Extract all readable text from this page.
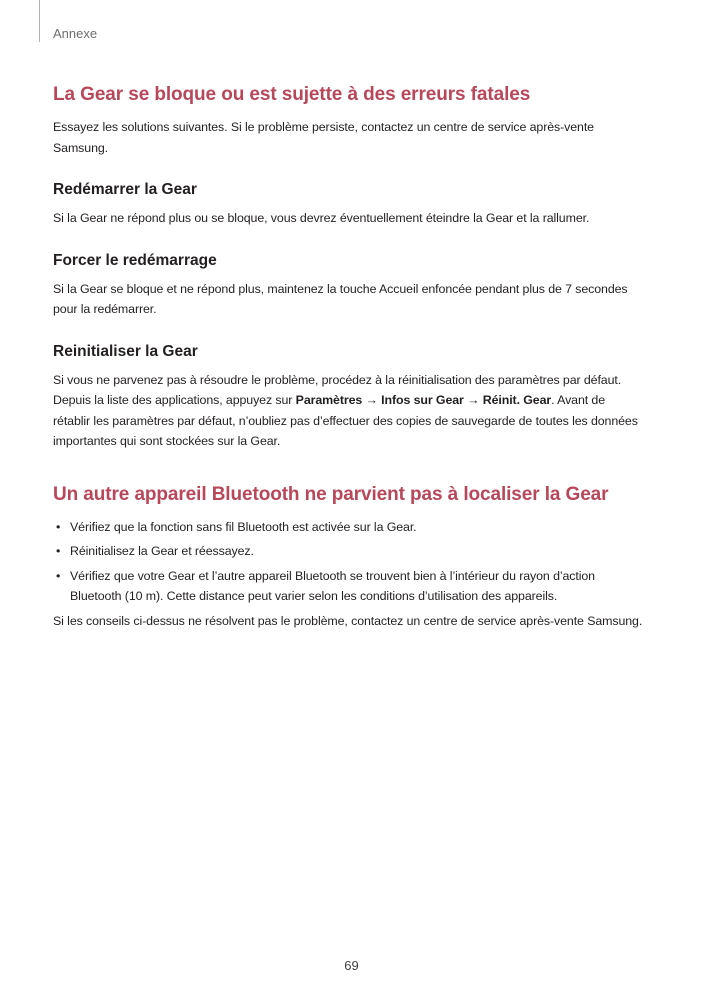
Annexe
La Gear se bloque ou est sujette à des erreurs fatales

Essayez les solutions suivantes. Si le problème persiste, contactez un centre de service après-vente Samsung.

Redémarrer la Gear

Si la Gear ne répond plus ou se bloque, vous devrez éventuellement éteindre la Gear et la rallumer.

Forcer le redémarrage

Si la Gear se bloque et ne répond plus, maintenez la touche Accueil enfoncée pendant plus de 7 secondes pour la redémarrer.

Reinitialiser la Gear

Si vous ne parvenez pas à résoudre le problème, procédez à la réinitialisation des paramètres par défaut. Depuis la liste des applications, appuyez sur Paramètres → Infos sur Gear → Réinit. Gear. Avant de rétablir les paramètres par défaut, n’oubliez pas d’effectuer des copies de sauvegarde de toutes les données importantes qui sont stockées sur la Gear.

Un autre appareil Bluetooth ne parvient pas à localiser la Gear
• Vérifiez que la fonction sans fil Bluetooth est activée sur la Gear.
• Réinitialisez la Gear et réessayez.
• Vérifiez que votre Gear et l’autre appareil Bluetooth se trouvent bien à l’intérieur du rayon d’action Bluetooth (10 m). Cette distance peut varier selon les conditions d’utilisation des appareils.

Si les conseils ci-dessus ne résolvent pas le problème, contactez un centre de service après-vente Samsung.

69
